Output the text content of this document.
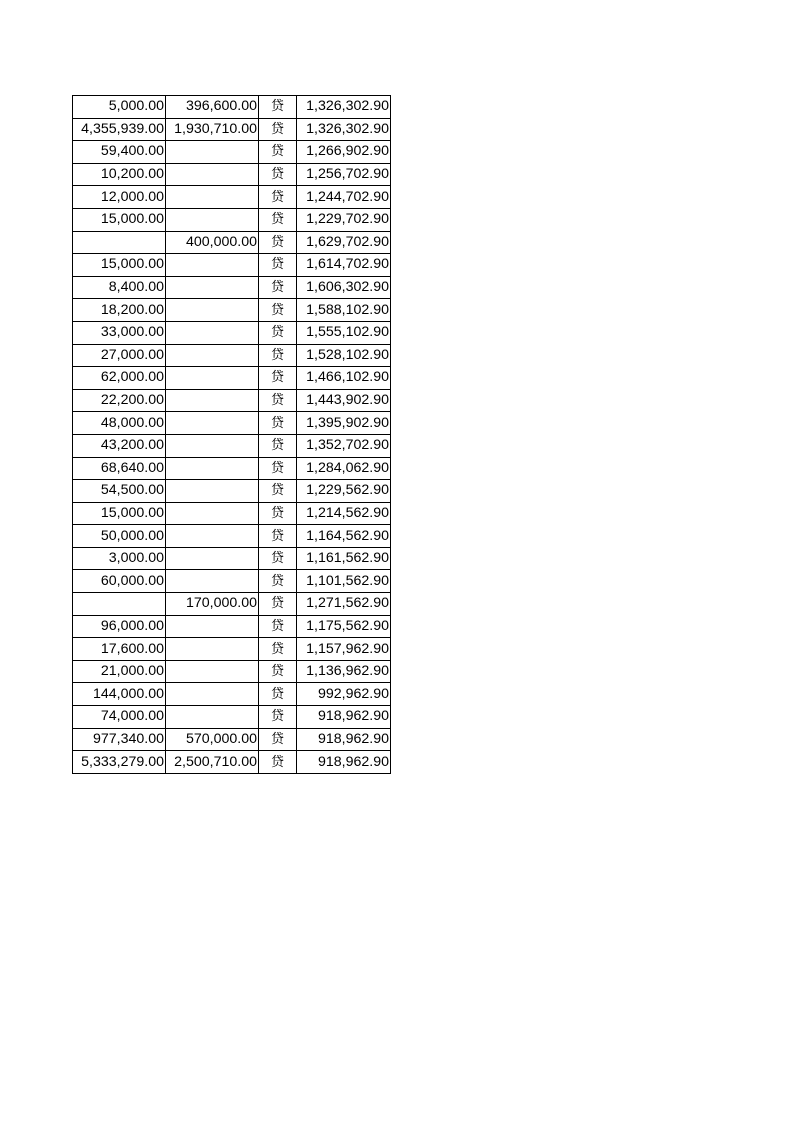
5,000.00	396,600.00	贷	1,326,302.90
4,355,939.00	1,930,710.00	贷	1,326,302.90
59,400.00		贷	1,266,902.90
10,200.00		贷	1,256,702.90
12,000.00		贷	1,244,702.90
15,000.00		贷	1,229,702.90
	400,000.00	贷	1,629,702.90
15,000.00		贷	1,614,702.90
8,400.00		贷	1,606,302.90
18,200.00		贷	1,588,102.90
33,000.00		贷	1,555,102.90
27,000.00		贷	1,528,102.90
62,000.00		贷	1,466,102.90
22,200.00		贷	1,443,902.90
48,000.00		贷	1,395,902.90
43,200.00		贷	1,352,702.90
68,640.00		贷	1,284,062.90
54,500.00		贷	1,229,562.90
15,000.00		贷	1,214,562.90
50,000.00		贷	1,164,562.90
3,000.00		贷	1,161,562.90
60,000.00		贷	1,101,562.90
	170,000.00	贷	1,271,562.90
96,000.00		贷	1,175,562.90
17,600.00		贷	1,157,962.90
21,000.00		贷	1,136,962.90
144,000.00		贷	992,962.90
74,000.00		贷	918,962.90
977,340.00	570,000.00	贷	918,962.90
5,333,279.00	2,500,710.00	贷	918,962.90
